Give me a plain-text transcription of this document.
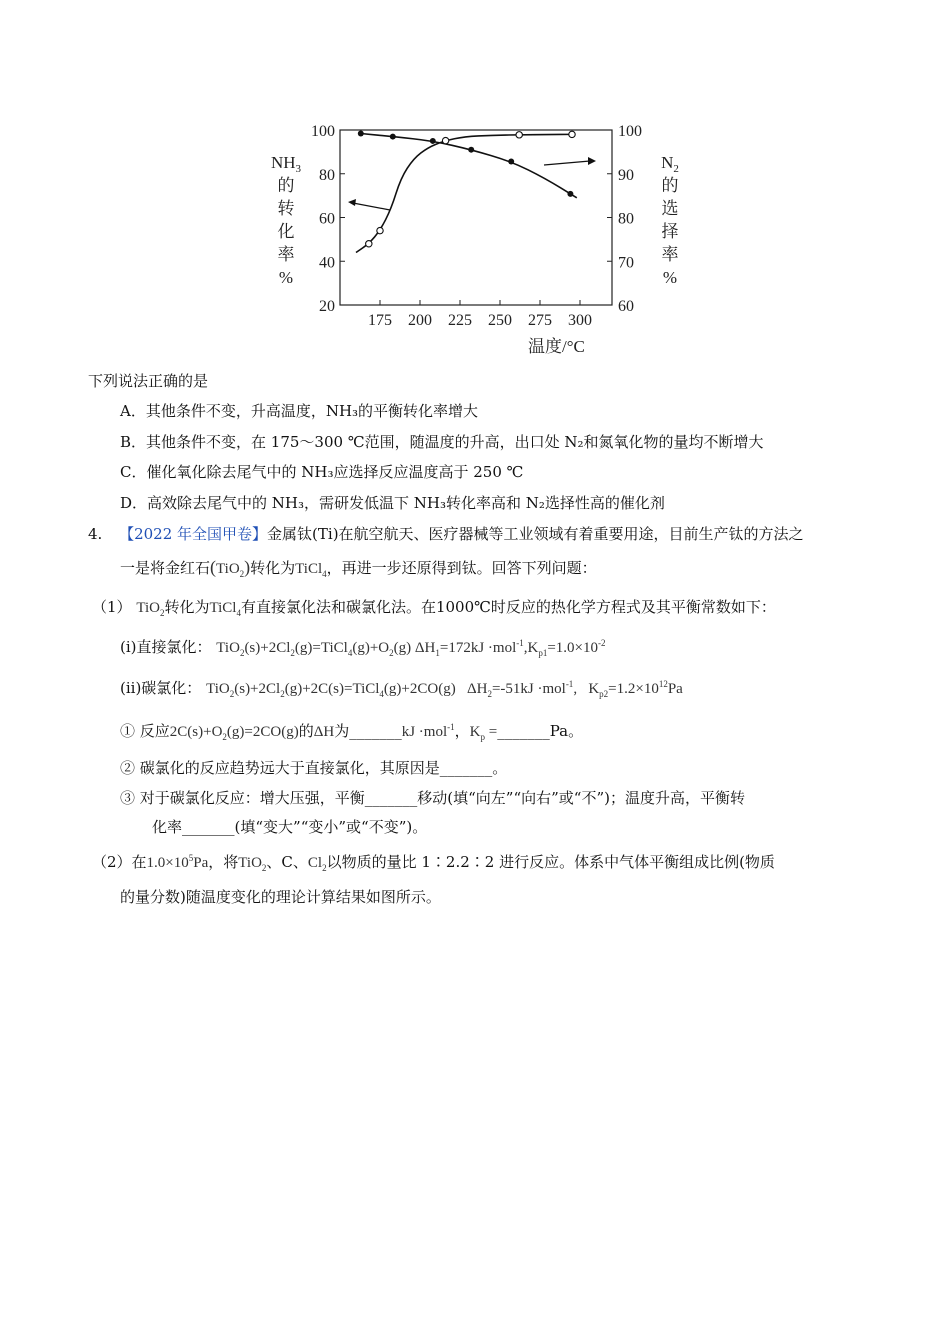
$NH_3$
的
转
化
率
%
$N_2$
的
选
择
率
%
175 200 225 250 275 300
20
40
60
80
100
60
70
80
90
100
温度/°C
下列说法正确的是
A．其他条件不变，升高温度，NH₃的平衡转化率增大
B．其他条件不变，在 175～300 ℃范围，随温度的升高，出口处 N₂和氮氧化物的量均不断增大
C．催化氧化除去尾气中的 NH₃应选择反应温度高于 250 ℃
D．高效除去尾气中的 NH₃，需研发低温下 NH₃转化率高和 N₂选择性高的催化剂
4. 【2022 年全国甲卷】金属钛(Ti)在航空航天、医疗器械等工业领域有着重要用途，目前生产钛的方法之
一是将金红石(TiO$_2$)转化为TiCl$_4$，再进一步还原得到钛。回答下列问题：
（1） TiO$_2$转化为TiCl$_4$有直接氯化法和碳氯化法。在1000℃时反应的热化学方程式及其平衡常数如下：
(i)直接氯化： $TiO_2(s)+2Cl_2(g)=TiCl_4(g)+O_2(g)$ $\Delta H_1=172kJ \cdot mol^{-1},K_{p1}=1.0\times 10^{-2}$
(ii)碳氯化： $TiO_2(s)+2Cl_2(g)+2C(s)=TiCl_4(g)+2CO(g)$   $\Delta H_2=-51kJ \cdot mol^{-1}$,   $K_{p2}=1.2\times 10^{12}Pa$
① 反应$2C(s)+O_2(g)=2CO(g)$的ΔH为_______kJ ·mol$^{-1}$，$K_p$ =_______Pa。
② 碳氯化的反应趋势远大于直接氯化，其原因是_______。
③ 对于碳氯化反应：增大压强，平衡_______移动(填“向左”“向右”或“不”)；温度升高，平衡转
化率_______(填“变大”“变小”或“不变”)。
（2）在$1.0\times 10^5Pa$，将TiO$_2$、C、$Cl_2$以物质的量比 1∶2.2∶2 进行反应。体系中气体平衡组成比例(物质
的量分数)随温度变化的理论计算结果如图所示。
